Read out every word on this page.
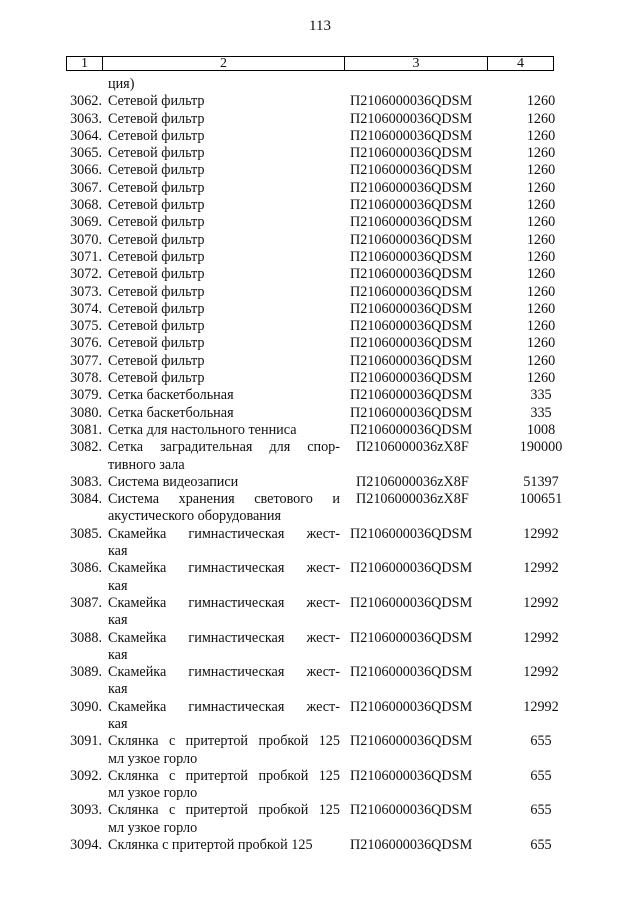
113
1	2	3	4
ция)
3062. Сетевой фильтр	П2106000036QDSM	1260
3063. Сетевой фильтр	П2106000036QDSM	1260
3064. Сетевой фильтр	П2106000036QDSM	1260
3065. Сетевой фильтр	П2106000036QDSM	1260
3066. Сетевой фильтр	П2106000036QDSM	1260
3067. Сетевой фильтр	П2106000036QDSM	1260
3068. Сетевой фильтр	П2106000036QDSM	1260
3069. Сетевой фильтр	П2106000036QDSM	1260
3070. Сетевой фильтр	П2106000036QDSM	1260
3071. Сетевой фильтр	П2106000036QDSM	1260
3072. Сетевой фильтр	П2106000036QDSM	1260
3073. Сетевой фильтр	П2106000036QDSM	1260
3074. Сетевой фильтр	П2106000036QDSM	1260
3075. Сетевой фильтр	П2106000036QDSM	1260
3076. Сетевой фильтр	П2106000036QDSM	1260
3077. Сетевой фильтр	П2106000036QDSM	1260
3078. Сетевой фильтр	П2106000036QDSM	1260
3079. Сетка баскетбольная	П2106000036QDSM	335
3080. Сетка баскетбольная	П2106000036QDSM	335
3081. Сетка для настольного тенниса	П2106000036QDSM	1008
3082. Сетка заградительная для спор-
тивного зала
П2106000036zX8F	190000
3083. Система видеозаписи	П2106000036zX8F	51397
3084. Система хранения светового и
акустического оборудования
П2106000036zX8F	100651
3085. Скамейка гимнастическая жест-
кая
П2106000036QDSM	12992
3086. Скамейка гимнастическая жест-
кая
П2106000036QDSM	12992
3087. Скамейка гимнастическая жест-
кая
П2106000036QDSM	12992
3088. Скамейка гимнастическая жест-
кая
П2106000036QDSM	12992
3089. Скамейка гимнастическая жест-
кая
П2106000036QDSM	12992
3090. Скамейка гимнастическая жест-
кая
П2106000036QDSM	12992
3091. Склянка с притертой пробкой 125
мл узкое горло
П2106000036QDSM	655
3092. Склянка с притертой пробкой 125
мл узкое горло
П2106000036QDSM	655
3093. Склянка с притертой пробкой 125
мл узкое горло
П2106000036QDSM	655
3094. Склянка с притертой пробкой 125	П2106000036QDSM	655
